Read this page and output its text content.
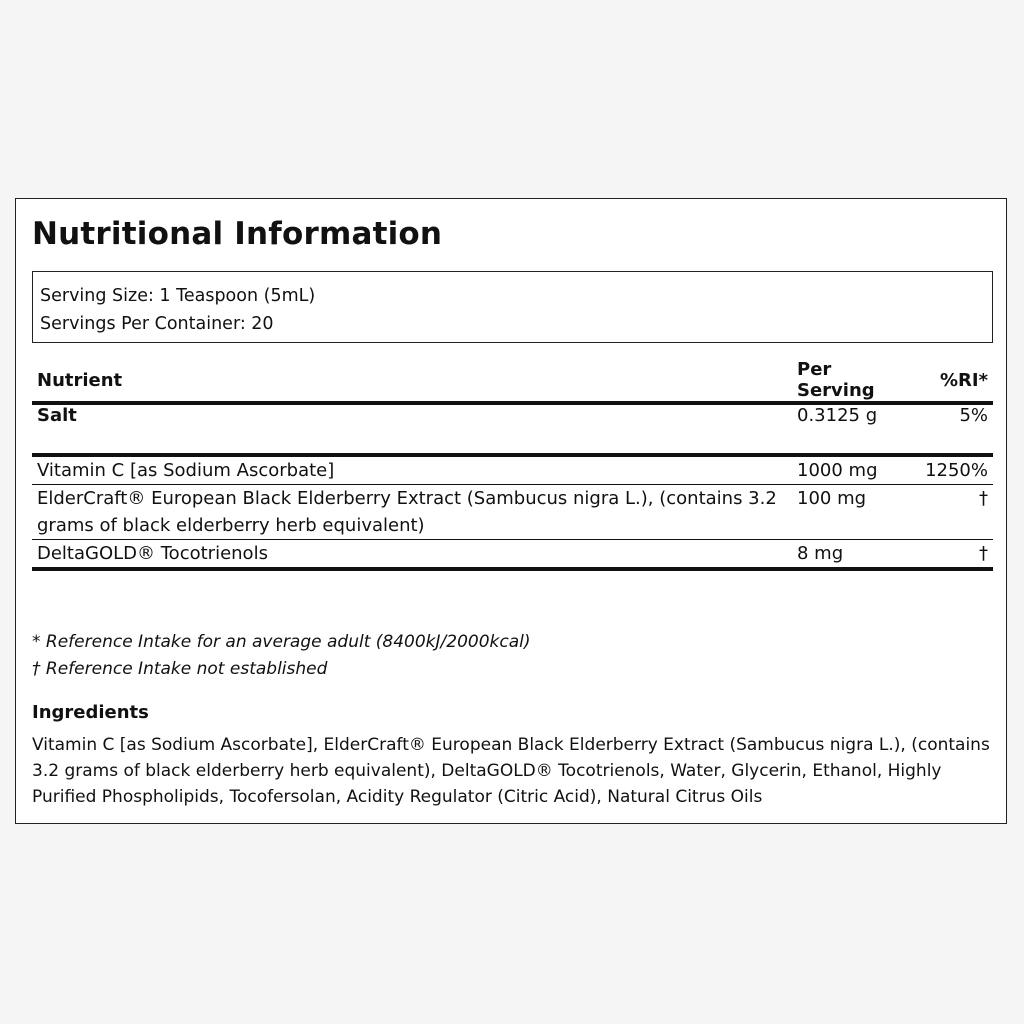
Nutritional Information
Serving Size: 1 Teaspoon (5mL)
Servings Per Container: 20
Nutrient	Per Serving	%RI*
Salt	0.3125 g	5%
Vitamin C [as Sodium Ascorbate]	1000 mg	1250%
ElderCraft® European Black Elderberry Extract (Sambucus nigra L.), (contains 3.2 grams of black elderberry herb equivalent)	100 mg	†
DeltaGOLD® Tocotrienols	8 mg	†
* Reference Intake for an average adult (8400kJ/2000kcal)
† Reference Intake not established
Ingredients
Vitamin C [as Sodium Ascorbate], ElderCraft® European Black Elderberry Extract (Sambucus nigra L.), (contains 3.2 grams of black elderberry herb equivalent), DeltaGOLD® Tocotrienols, Water, Glycerin, Ethanol, Highly Purified Phospholipids, Tocofersolan, Acidity Regulator (Citric Acid), Natural Citrus Oils
